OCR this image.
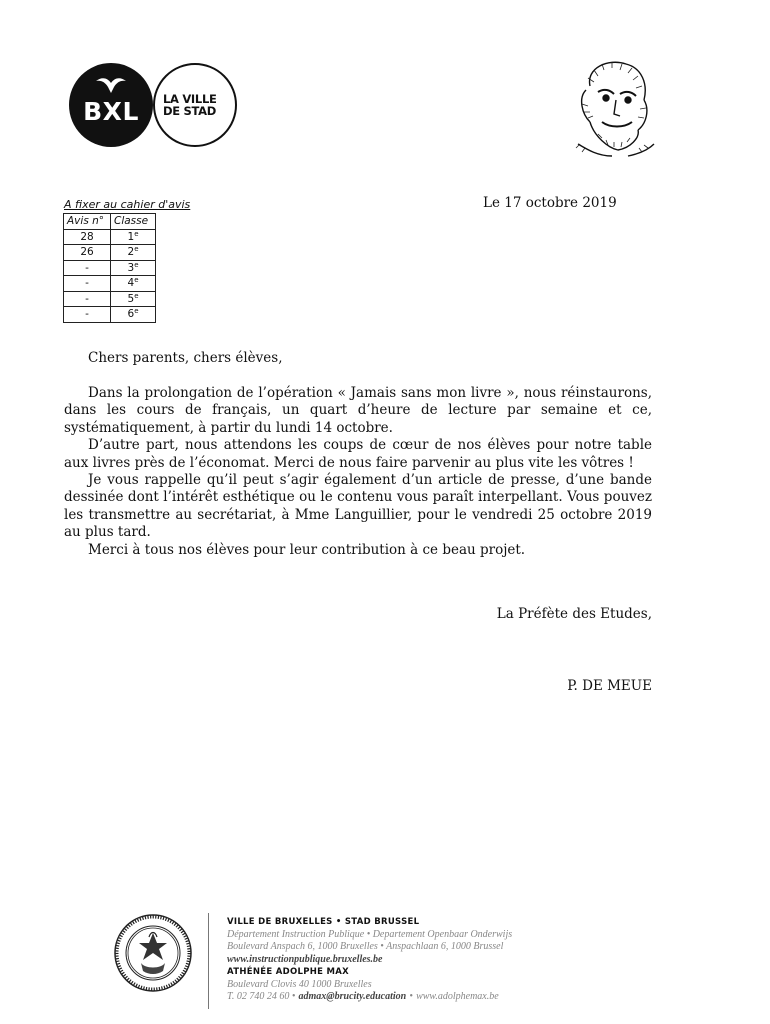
BXL	LA VILLE
DE STAD
A fixer au cahier d'avis
Avis n°	Classe
28	1e
26	2e
-	3e
-	4e
-	5e
-	6e
Le 17 octobre 2019
Chers parents, chers élèves,

Dans la prolongation de l’opération « Jamais sans mon livre », nous réinstaurons, dans les cours de français, un quart d’heure de lecture par semaine et ce, systématiquement, à partir du lundi 14 octobre.

D’autre part, nous attendons les coups de cœur de nos élèves pour notre table aux livres près de l’économat. Merci de nous faire parvenir au plus vite les vôtres !

Je vous rappelle qu’il peut s’agir également d’un article de presse, d’une bande dessinée dont l’intérêt esthétique ou le contenu vous paraît interpellant. Vous pouvez les transmettre au secrétariat, à Mme Languillier, pour le vendredi 25 octobre 2019 au plus tard.

Merci à tous nos élèves pour leur contribution à ce beau projet.

La Préfète des Etudes,
P. DE MEUE
VILLE DE BRUXELLES • STAD BRUSSEL
Département Instruction Publique • Departement Openbaar Onderwijs
Boulevard Anspach 6, 1000 Bruxelles • Anspachlaan 6, 1000 Brussel
www.instructionpublique.bruxelles.be
ATHÉNÉE ADOLPHE MAX
Boulevard Clovis 40 1000 Bruxelles
T. 02 740 24 60 • admax@brucity.education • www.adolphemax.be
